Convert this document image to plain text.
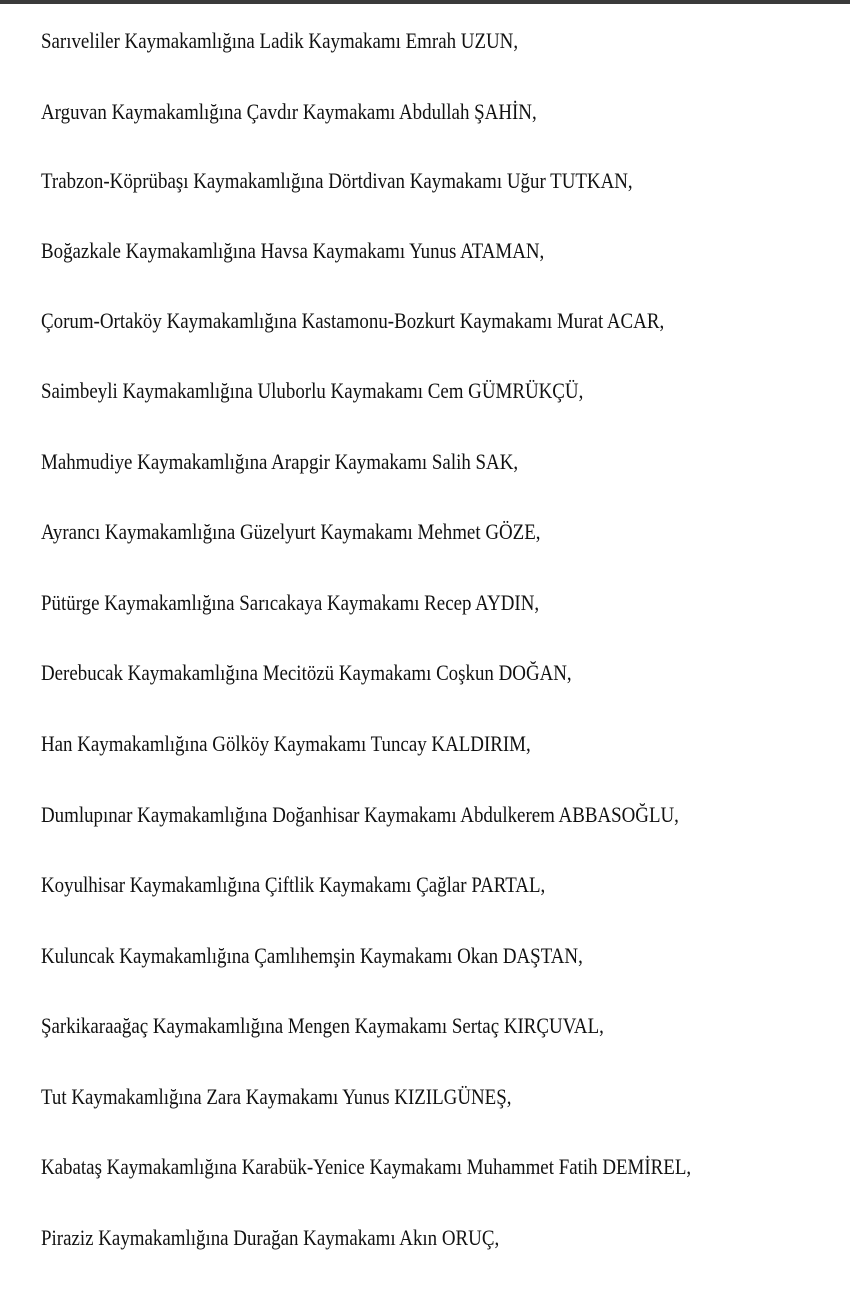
Sarıveliler Kaymakamlığına Ladik Kaymakamı Emrah UZUN,
Arguvan Kaymakamlığına Çavdır Kaymakamı Abdullah ŞAHİN,
Trabzon-Köprübaşı Kaymakamlığına Dörtdivan Kaymakamı Uğur TUTKAN,
Boğazkale Kaymakamlığına Havsa Kaymakamı Yunus ATAMAN,
Çorum-Ortaköy Kaymakamlığına Kastamonu-Bozkurt Kaymakamı Murat ACAR,
Saimbeyli Kaymakamlığına Uluborlu Kaymakamı Cem GÜMRÜKÇÜ,
Mahmudiye Kaymakamlığına Arapgir Kaymakamı Salih SAK,
Ayrancı Kaymakamlığına Güzelyurt Kaymakamı Mehmet GÖZE,
Pütürge Kaymakamlığına Sarıcakaya Kaymakamı Recep AYDIN,
Derebucak Kaymakamlığına Mecitözü Kaymakamı Coşkun DOĞAN,
Han Kaymakamlığına Gölköy Kaymakamı Tuncay KALDIRIM,
Dumlupınar Kaymakamlığına Doğanhisar Kaymakamı Abdulkerem ABBASOĞLU,
Koyulhisar Kaymakamlığına Çiftlik Kaymakamı Çağlar PARTAL,
Kuluncak Kaymakamlığına Çamlıhemşin Kaymakamı Okan DAŞTAN,
Şarkikaraağaç Kaymakamlığına Mengen Kaymakamı Sertaç KIRÇUVAL,
Tut Kaymakamlığına Zara Kaymakamı Yunus KIZILGÜNEŞ,
Kabataş Kaymakamlığına Karabük-Yenice Kaymakamı Muhammet Fatih DEMİREL,
Piraziz Kaymakamlığına Durağan Kaymakamı Akın ORUÇ,
